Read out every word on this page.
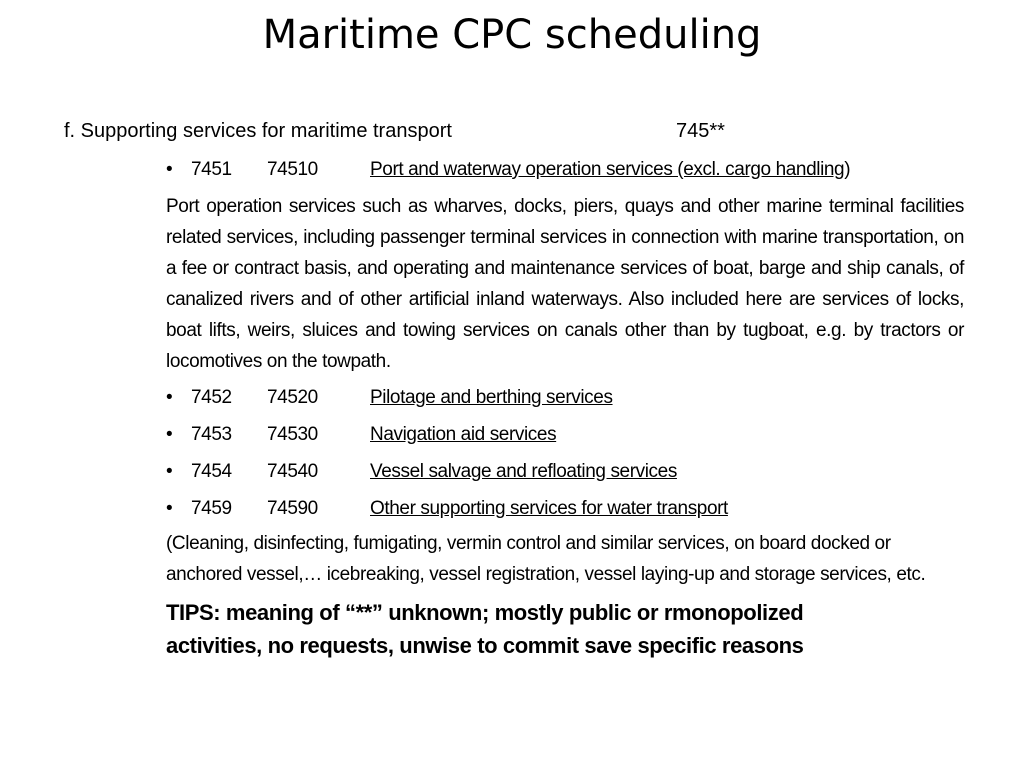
Maritime CPC scheduling
f. Supporting services for maritime transport	745**
• 7451 74510	Port and waterway operation services (excl. cargo handling)

Port operation services such as wharves, docks, piers, quays and other marine terminal facilities related services, including passenger terminal services in connection with marine transportation, on a fee or contract basis, and operating and maintenance services of boat, barge and ship canals, of canalized rivers and of other artificial inland waterways. Also included here are services of locks, boat lifts, weirs, sluices and towing services on canals other than by tugboat, e.g. by tractors or locomotives on the towpath.

• 7452 74520	Pilotage and berthing services
• 7453 74530	Navigation aid services
• 7454 74540	Vessel salvage and refloating services
• 7459 74590	Other supporting services for water transport

(Cleaning, disinfecting, fumigating, vermin control and similar services, on board docked or anchored vessel,… icebreaking, vessel registration, vessel laying-up and storage services, etc.

TIPS: meaning of “**” unknown; mostly public or rmonopolized
activities, no requests, unwise to commit save specific reasons
